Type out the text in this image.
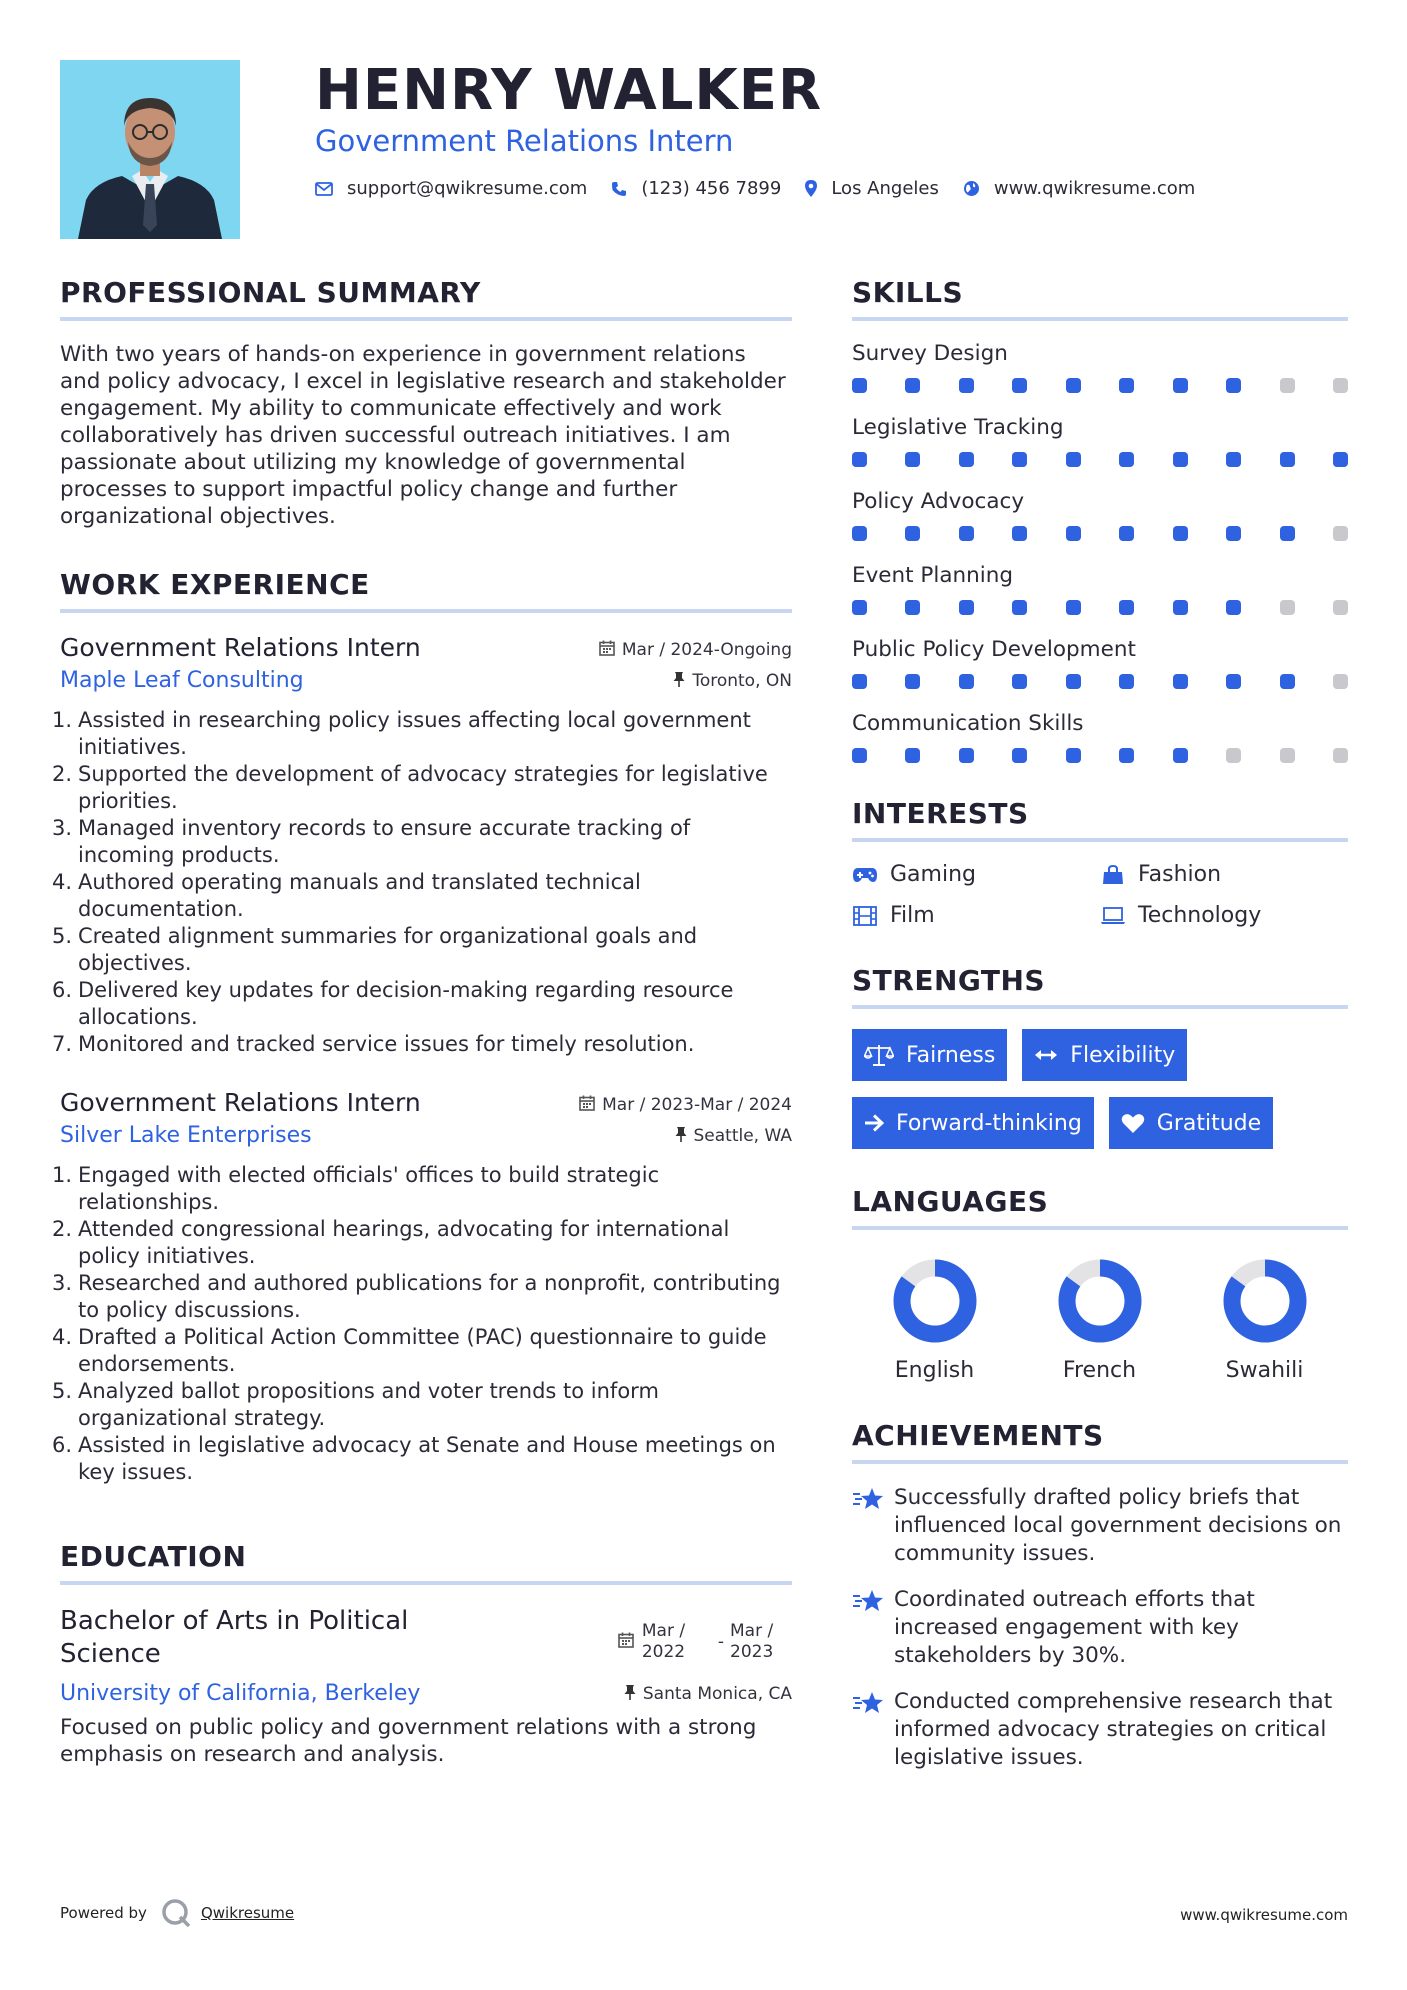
HENRY WALKER
Government Relations Intern
support@qwikresume.com	(123) 456 7899	Los Angeles	www.qwikresume.com
PROFESSIONAL SUMMARY

With two years of hands-on experience in government relations and policy advocacy, I excel in legislative research and stakeholder engagement. My ability to communicate effectively and work collaboratively has driven successful outreach initiatives. I am passionate about utilizing my knowledge of governmental processes to support impactful policy change and further organizational objectives.

WORK EXPERIENCE
Government Relations Intern	Mar / 2024-Ongoing
Maple Leaf Consulting	Toronto, ON
1. Assisted in researching policy issues affecting local government initiatives.
2. Supported the development of advocacy strategies for legislative priorities.
3. Managed inventory records to ensure accurate tracking of incoming products.
4. Authored operating manuals and translated technical documentation.
5. Created alignment summaries for organizational goals and objectives.
6. Delivered key updates for decision-making regarding resource allocations.
7. Monitored and tracked service issues for timely resolution.
Government Relations Intern	Mar / 2023-Mar / 2024
Silver Lake Enterprises	Seattle, WA
1. Engaged with elected officials' offices to build strategic relationships.
2. Attended congressional hearings, advocating for international policy initiatives.
3. Researched and authored publications for a nonprofit, contributing to policy discussions.
4. Drafted a Political Action Committee (PAC) questionnaire to guide endorsements.
5. Analyzed ballot propositions and voter trends to inform organizational strategy.
6. Assisted in legislative advocacy at Senate and House meetings on key issues.
EDUCATION
Bachelor of Arts in Political Science
Mar / 2022	-
Mar / 2023
University of California, Berkeley	Santa Monica, CA

Focused on public policy and government relations with a strong emphasis on research and analysis.

SKILLS
Survey Design
Legislative Tracking
Policy Advocacy
Event Planning
Public Policy Development
Communication Skills
INTERESTS
Gaming	Fashion
Film	Technology
STRENGTHS
Fairness	Flexibility
Forward-thinking	Gratitude
LANGUAGES
English	French	Swahili
ACHIEVEMENTS
Successfully drafted policy briefs that influenced local government decisions on community issues.
Coordinated outreach efforts that increased engagement with key stakeholders by 30%.
Conducted comprehensive research that informed advocacy strategies on critical legislative issues.
Powered by	Qwikresume	www.qwikresume.com
